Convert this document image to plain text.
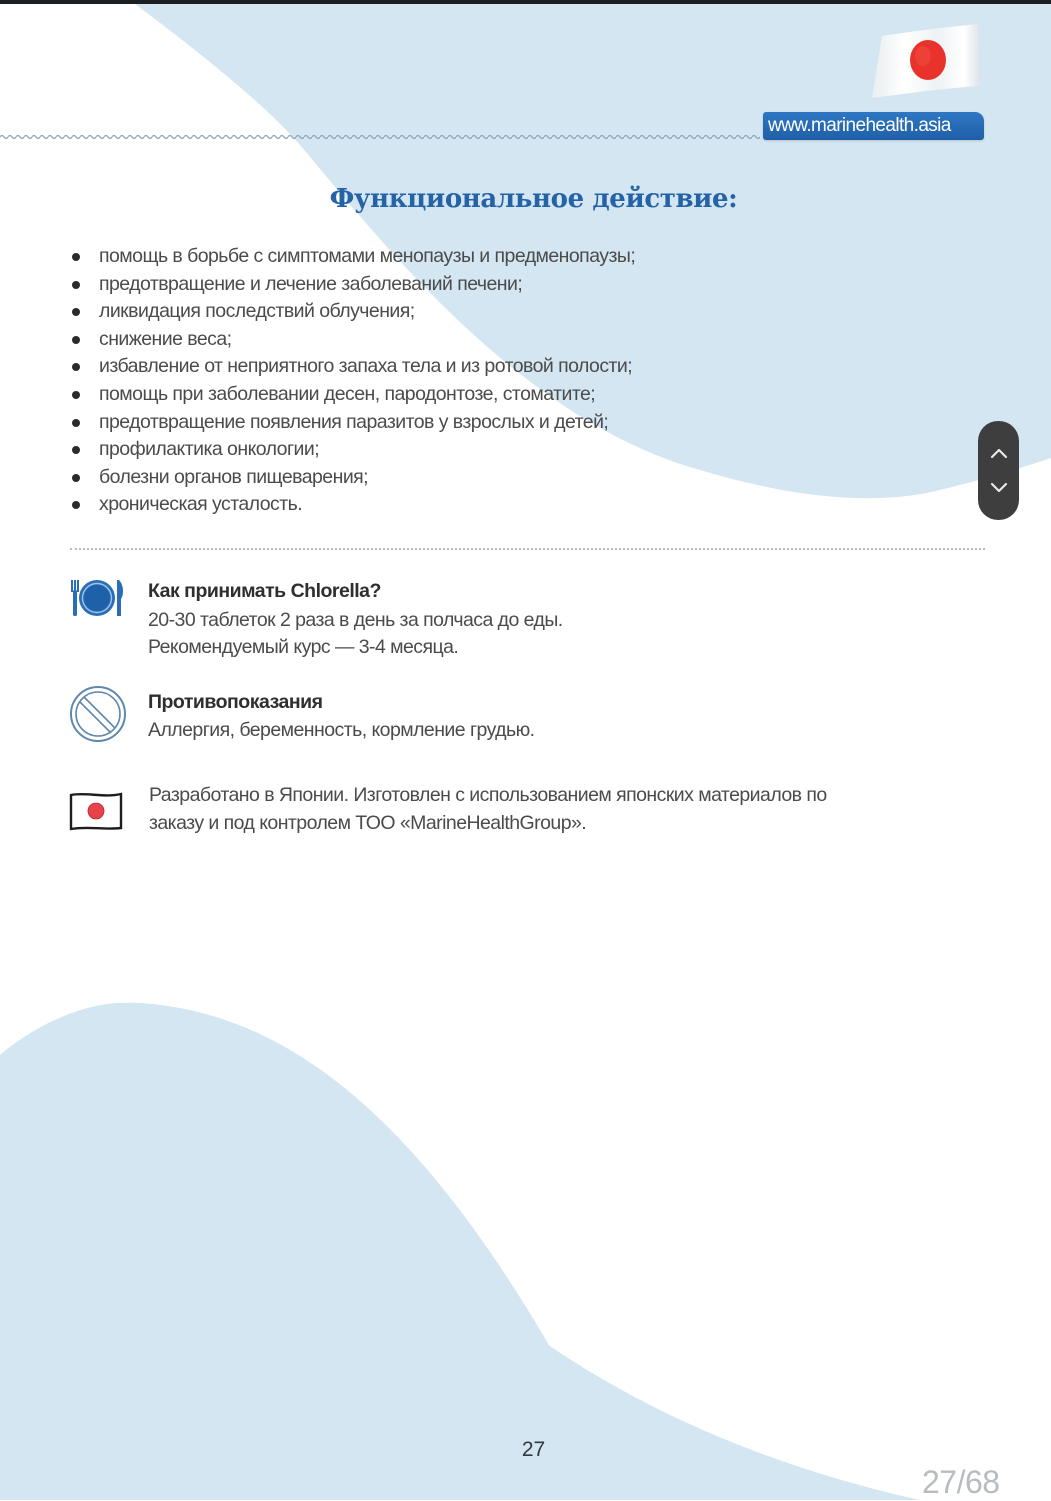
www.marinehealth.asia
Функциональное действие:
помощь в борьбе с симптомами менопаузы и предменопаузы;
предотвращение и лечение заболеваний печени;
ликвидация последствий облучения;
снижение веса;
избавление от неприятного запаха тела и из ротовой полости;
помощь при заболевании десен, пародонтозе, стоматите;
предотвращение появления паразитов у взрослых и детей;
профилактика онкологии;
болезни органов пищеварения;
хроническая усталость.
Как принимать Chlorella?
20-30 таблеток 2 раза в день за полчаса до еды.
Рекомендуемый курс — 3-4 месяца.
Противопоказания
Аллергия, беременность, кормление грудью.
Разработано в Японии. Изготовлен с использованием японских материалов по
заказу и под контролем ТОО «MarineHealthGroup».
27
27/68
